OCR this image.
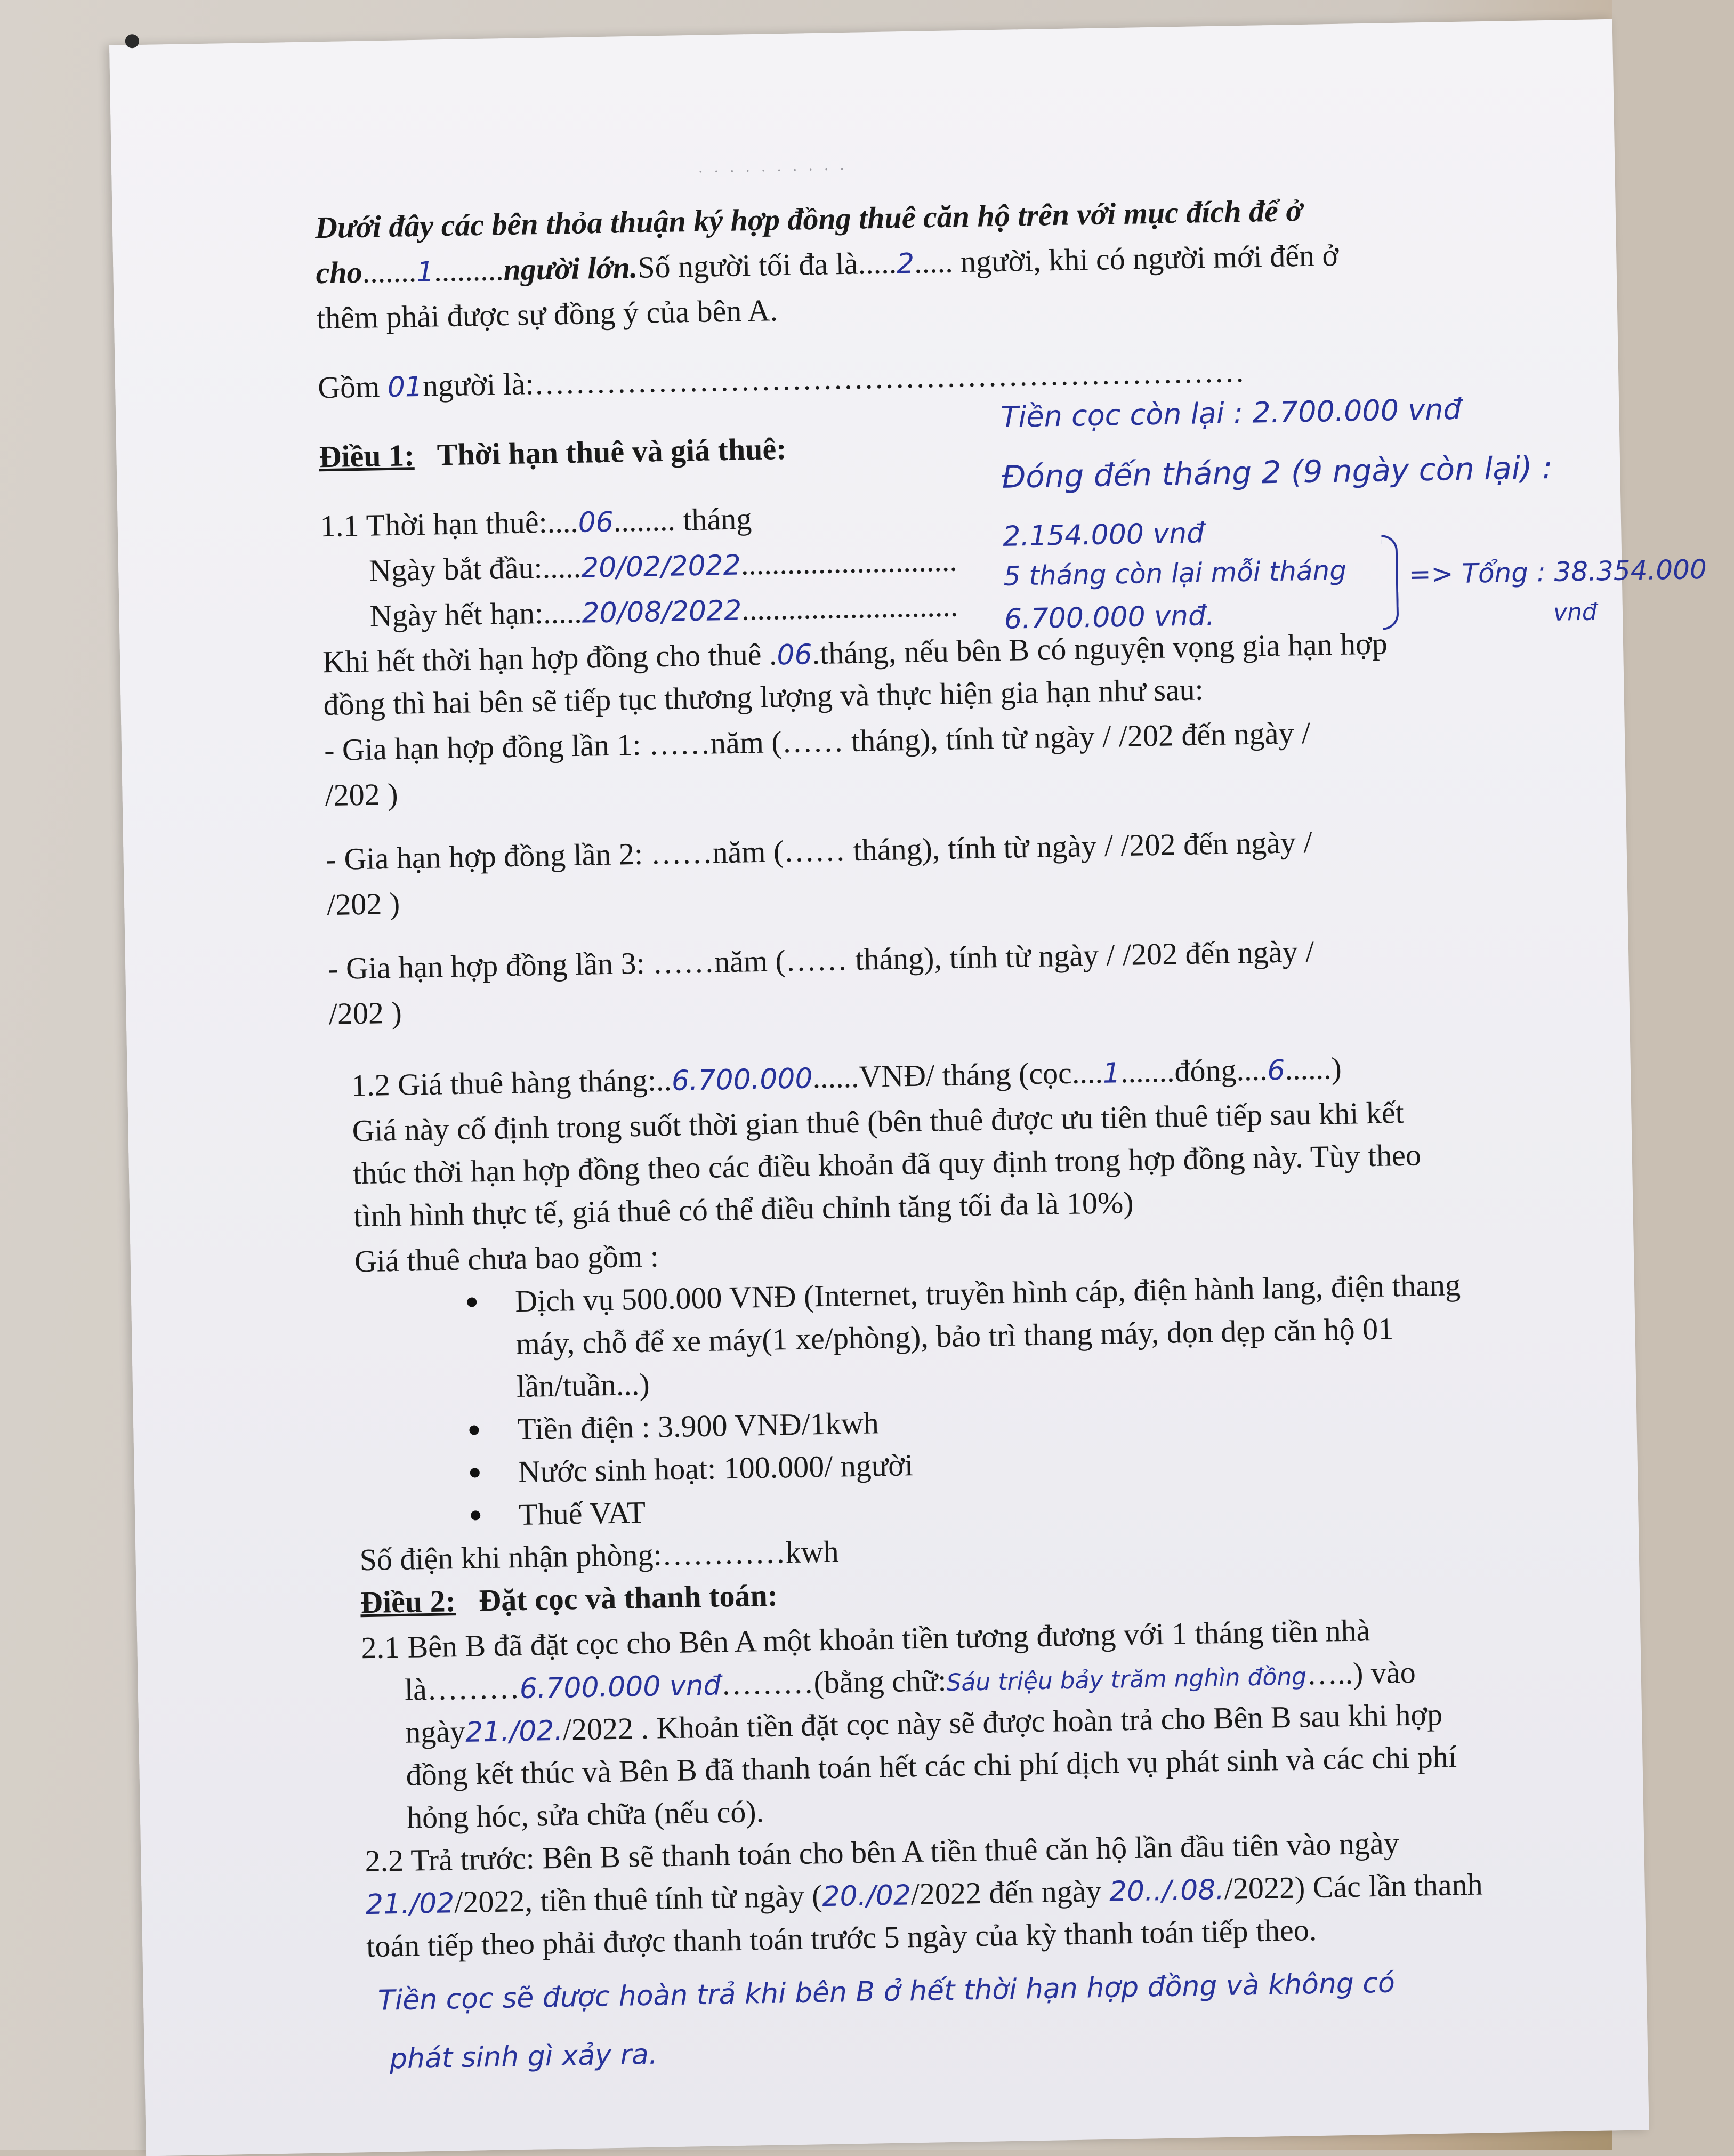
· · · · · · · · · ·
Dưới đây các bên thỏa thuận ký hợp đồng thuê căn hộ trên với mục đích để ở
cho.......1.........người lớn.Số người tối đa là.....2..... người, khi có người mới đến ở
thêm phải được sự đồng ý của bên A.
Gồm 01người là:……………………………………………………………
Điều 1: Thời hạn thuê và giá thuê:
1.1 Thời hạn thuê:....06........ tháng
Ngày bắt đầu:.....20/02/2022............................
Ngày hết hạn:.....20/08/2022............................
Khi hết thời hạn hợp đồng cho thuê .06.tháng, nếu bên B có nguyện vọng gia hạn hợp
đồng thì hai bên sẽ tiếp tục thương lượng và thực hiện gia hạn như sau:
- Gia hạn hợp đồng lần 1: ……năm (…… tháng), tính từ ngày / /202 đến ngày /
/202 )
- Gia hạn hợp đồng lần 2: ……năm (…… tháng), tính từ ngày / /202 đến ngày /
/202 )
- Gia hạn hợp đồng lần 3: ……năm (…… tháng), tính từ ngày / /202 đến ngày /
/202 )
1.2 Giá thuê hàng tháng:..6.700.000......VNĐ/ tháng (cọc....1.......đóng....6......)
Giá này cố định trong suốt thời gian thuê (bên thuê được ưu tiên thuê tiếp sau khi kết
thúc thời hạn hợp đồng theo các điều khoản đã quy định trong hợp đồng này. Tùy theo
tình hình thực tế, giá thuê có thể điều chỉnh tăng tối đa là 10%)
Giá thuê chưa bao gồm :
Dịch vụ 500.000 VNĐ (Internet, truyền hình cáp, điện hành lang, điện thang
máy, chỗ để xe máy(1 xe/phòng), bảo trì thang máy, dọn dẹp căn hộ 01
lần/tuần...)
Tiền điện : 3.900 VNĐ/1kwh
Nước sinh hoạt: 100.000/ người
Thuế VAT
Số điện khi nhận phòng:…………kwh
Điều 2: Đặt cọc và thanh toán:
2.1 Bên B đã đặt cọc cho Bên A một khoản tiền tương đương với 1 tháng tiền nhà
là………6.700.000 vnđ………(bằng chữ:Sáu triệu bảy trăm nghìn đồng…..) vào
ngày21./02./2022 . Khoản tiền đặt cọc này sẽ được hoàn trả cho Bên B sau khi hợp
đồng kết thúc và Bên B đã thanh toán hết các chi phí dịch vụ phát sinh và các chi phí
hỏng hóc, sửa chữa (nếu có).
2.2 Trả trước: Bên B sẽ thanh toán cho bên A tiền thuê căn hộ lần đầu tiên vào ngày
21./02/2022, tiền thuê tính từ ngày (20./02/2022 đến ngày 20../.08./2022) Các lần thanh
toán tiếp theo phải được thanh toán trước 5 ngày của kỳ thanh toán tiếp theo.
Tiền cọc còn lại : 2.700.000 vnđ
Đóng đến tháng 2 (9 ngày còn lại) :
2.154.000 vnđ
5 tháng còn lại mỗi tháng
6.700.000 vnđ.
=> Tổng : 38.354.000
vnđ
Tiền cọc sẽ được hoàn trả khi bên B ở hết thời hạn hợp đồng và không có
phát sinh gì xảy ra.
